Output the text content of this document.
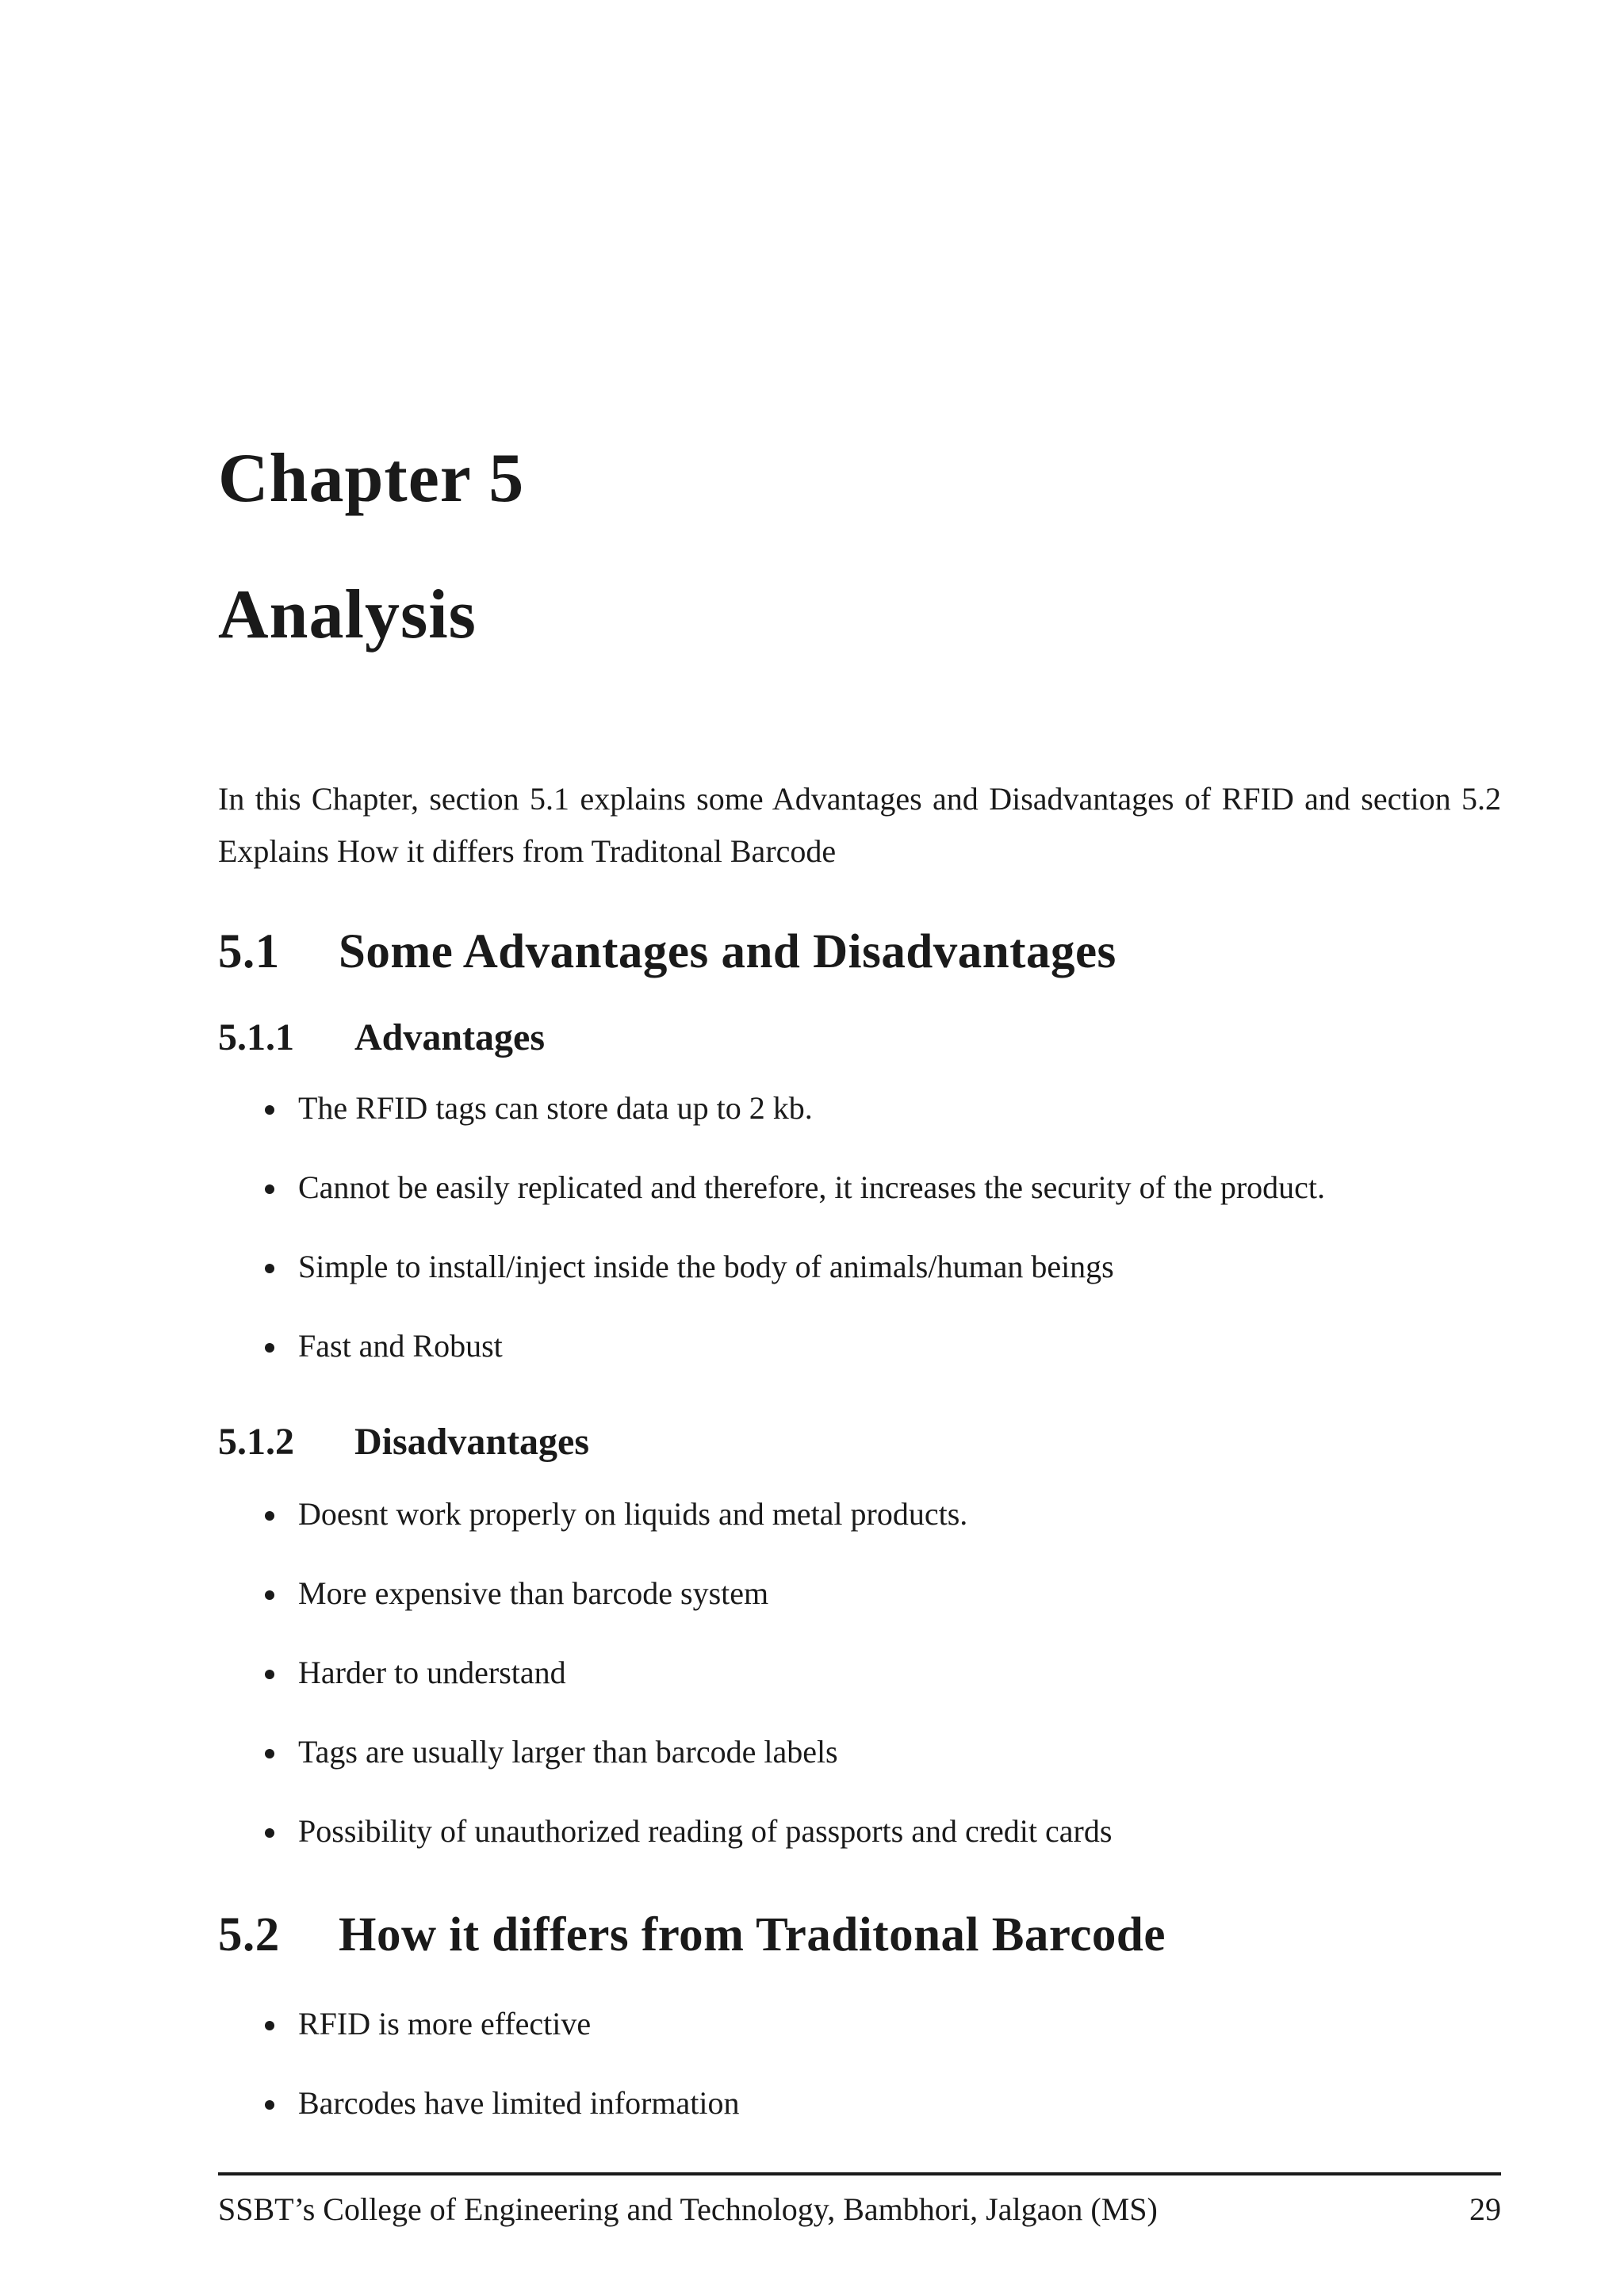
Chapter 5
Analysis
In this Chapter, section 5.1 explains some Advantages and Disadvantages of RFID and section 5.2 Explains How it differs from Traditonal Barcode
5.1 Some Advantages and Disadvantages
5.1.1 Advantages
The RFID tags can store data up to 2 kb.
Cannot be easily replicated and therefore, it increases the security of the product.
Simple to install/inject inside the body of animals/human beings
Fast and Robust
5.1.2 Disadvantages
Doesnt work properly on liquids and metal products.
More expensive than barcode system
Harder to understand
Tags are usually larger than barcode labels
Possibility of unauthorized reading of passports and credit cards
5.2 How it differs from Traditonal Barcode
RFID is more effective
Barcodes have limited information
SSBT’s College of Engineering and Technology, Bambhori, Jalgaon (MS)	29
